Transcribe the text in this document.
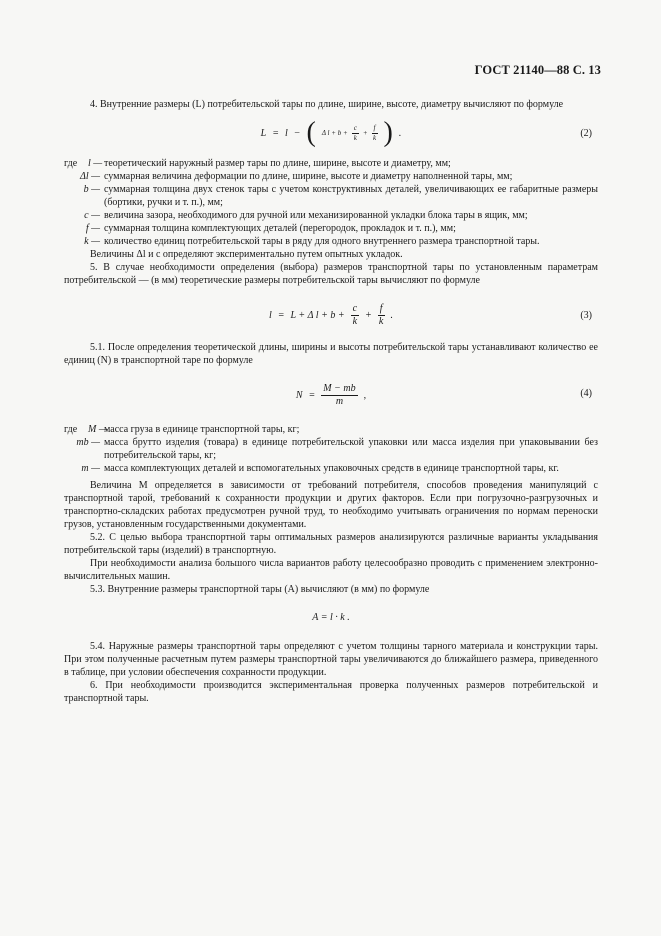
ГОСТ 21140—88 С. 13

4. Внутренние размеры (L) потребительской тары по длине, ширине, высоте, диаметру вычисляют по формуле

L = l − ( Δ $l + b + \frac{c}{k} + \frac{f}{k}$ ) .	(2)
где	l — теоретический наружный размер тары по длине, ширине, высоте и диаметру, мм;
Δl — суммарная величина деформации по длине, ширине, высоте и диаметру наполненной тары, мм;
b — суммарная толщина двух стенок тары с учетом конструктивных деталей, увеличивающих ее габаритные размеры (бортики, ручки и т. п.), мм;
c — величина зазора, необходимого для ручной или механизированной укладки блока тары в ящик, мм;
f — суммарная толщина комплектующих деталей (перегородок, прокладок и т. п.), мм;
k — количество единиц потребительской тары в ряду для одного внутреннего размера транспортной тары.

Величины Δl и c определяют экспериментально путем опытных укладок.

5. В случае необходимости определения (выбора) размеров транспортной тары по установленным параметрам потребительской — (в мм) теоретические размеры потребительской тары вычисляют по формуле

l = L + Δ $l + b + \frac{c}{k} + \frac{f}{k}$ .	(3)

5.1. После определения теоретической длины, ширины и высоты потребительской тары устанавливают количество ее единиц (N) в транспортной таре по формуле

$N = \frac{M - mb}{m}$ ,	(4)
где	M —
масса груза в единице транспортной тары, кг;
mb — масса брутто изделия (товара) в единице потребительской упаковки или масса изделия при упаковывании без потребительской тары, кг;
m — масса комплектующих деталей и вспомогательных упаковочных средств в единице транспортной тары, кг.

Величина M определяется в зависимости от требований потребителя, способов проведения манипуляций с транспортной тарой, требований к сохранности продукции и других факторов. Если при погрузочно-разгрузочных и транспортно-складских работах предусмотрен ручной труд, то необходимо учитывать ограничения по нормам переноски грузов, установленным государственными документами.

5.2. С целью выбора транспортной тары оптимальных размеров анализируются различные варианты укладывания потребительской тары (изделий) в транспортную.

При необходимости анализа большого числа вариантов работу целесообразно проводить с применением электронно-вычислительных машин.

5.3. Внутренние размеры транспортной тары (A) вычисляют (в мм) по формуле

A = l · k .

5.4. Наружные размеры транспортной тары определяют с учетом толщины тарного материала и конструкции тары. При этом полученные расчетным путем размеры транспортной тары увеличиваются до ближайшего размера, приведенного в таблице, при условии обеспечения сохранности продукции.

6. При необходимости производится экспериментальная проверка полученных размеров потребительской и транспортной тары.
